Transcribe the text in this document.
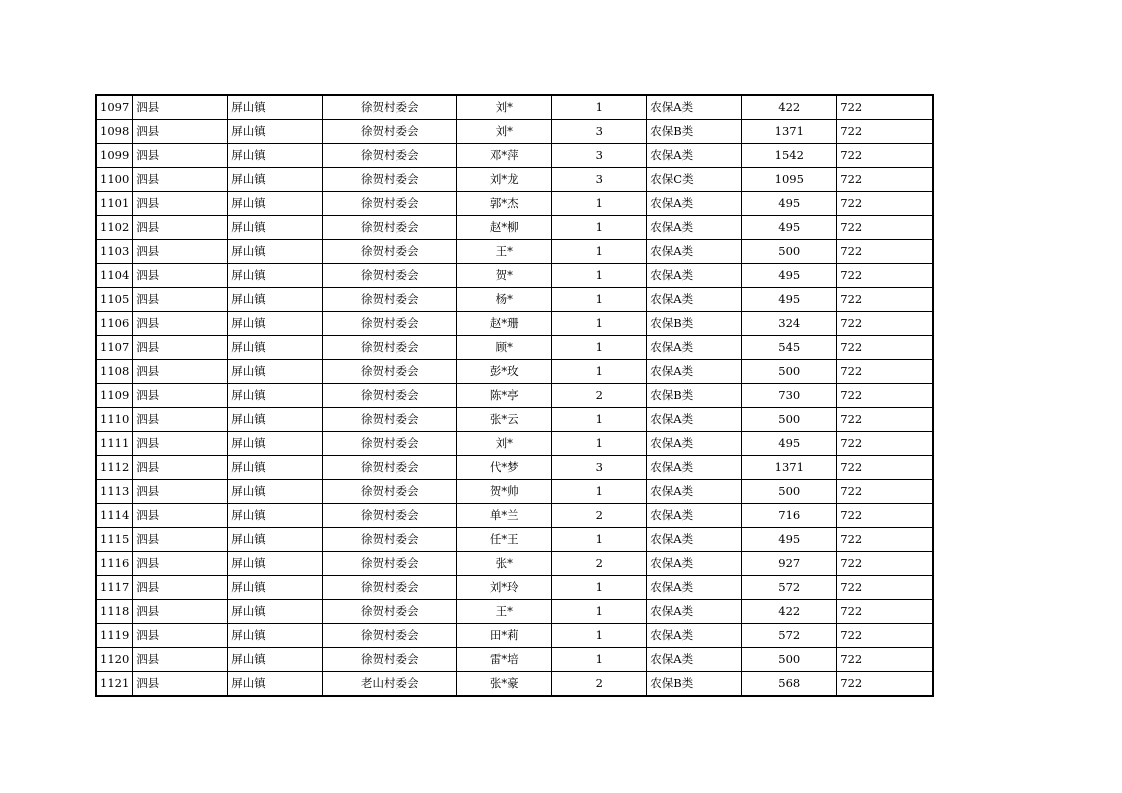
1097	泗县	屏山镇	徐贺村委会	刘*	1	农保A类	422	722
1098	泗县	屏山镇	徐贺村委会	刘*	3	农保B类	1371	722
1099	泗县	屏山镇	徐贺村委会	邓*萍	3	农保A类	1542	722
1100	泗县	屏山镇	徐贺村委会	刘*龙	3	农保C类	1095	722
1101	泗县	屏山镇	徐贺村委会	郭*杰	1	农保A类	495	722
1102	泗县	屏山镇	徐贺村委会	赵*柳	1	农保A类	495	722
1103	泗县	屏山镇	徐贺村委会	王*	1	农保A类	500	722
1104	泗县	屏山镇	徐贺村委会	贺*	1	农保A类	495	722
1105	泗县	屏山镇	徐贺村委会	杨*	1	农保A类	495	722
1106	泗县	屏山镇	徐贺村委会	赵*珊	1	农保B类	324	722
1107	泗县	屏山镇	徐贺村委会	顾*	1	农保A类	545	722
1108	泗县	屏山镇	徐贺村委会	彭*玫	1	农保A类	500	722
1109	泗县	屏山镇	徐贺村委会	陈*亭	2	农保B类	730	722
1110	泗县	屏山镇	徐贺村委会	张*云	1	农保A类	500	722
1111	泗县	屏山镇	徐贺村委会	刘*	1	农保A类	495	722
1112	泗县	屏山镇	徐贺村委会	代*梦	3	农保A类	1371	722
1113	泗县	屏山镇	徐贺村委会	贺*帅	1	农保A类	500	722
1114	泗县	屏山镇	徐贺村委会	单*兰	2	农保A类	716	722
1115	泗县	屏山镇	徐贺村委会	任*王	1	农保A类	495	722
1116	泗县	屏山镇	徐贺村委会	张*	2	农保A类	927	722
1117	泗县	屏山镇	徐贺村委会	刘*玲	1	农保A类	572	722
1118	泗县	屏山镇	徐贺村委会	王*	1	农保A类	422	722
1119	泗县	屏山镇	徐贺村委会	田*莉	1	农保A类	572	722
1120	泗县	屏山镇	徐贺村委会	雷*培	1	农保A类	500	722
1121	泗县	屏山镇	老山村委会	张*豪	2	农保B类	568	722
